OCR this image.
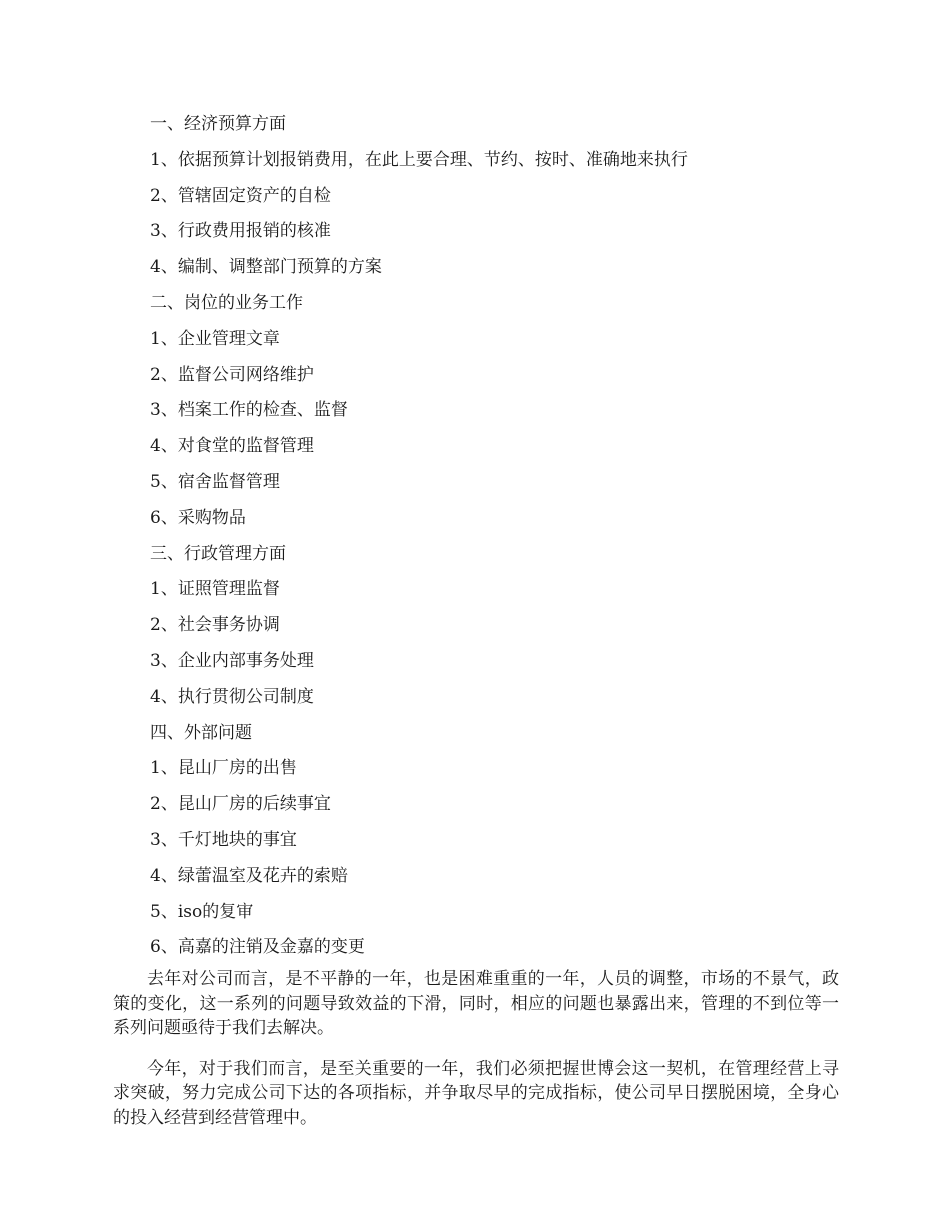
一、经济预算方面
1、依据预算计划报销费用，在此上要合理、节约、按时、准确地来执行
2、管辖固定资产的自检
3、行政费用报销的核准
4、编制、调整部门预算的方案
二、岗位的业务工作
1、企业管理文章
2、监督公司网络维护
3、档案工作的检查、监督
4、对食堂的监督管理
5、宿舍监督管理
6、采购物品
三、行政管理方面
1、证照管理监督
2、社会事务协调
3、企业内部事务处理
4、执行贯彻公司制度
四、外部问题
1、昆山厂房的出售
2、昆山厂房的后续事宜
3、千灯地块的事宜
4、绿蕾温室及花卉的索赔
5、iso的复审
6、高嘉的注销及金嘉的变更

去年对公司而言，是不平静的一年，也是困难重重的一年，人员的调整，市场的不景气，政策的变化，这一系列的问题导致效益的下滑，同时，相应的问题也暴露出来，管理的不到位等一系列问题亟待于我们去解决。

今年，对于我们而言，是至关重要的一年，我们必须把握世博会这一契机，在管理经营上寻求突破，努力完成公司下达的各项指标，并争取尽早的完成指标，使公司早日摆脱困境，全身心的投入经营到经营管理中。
